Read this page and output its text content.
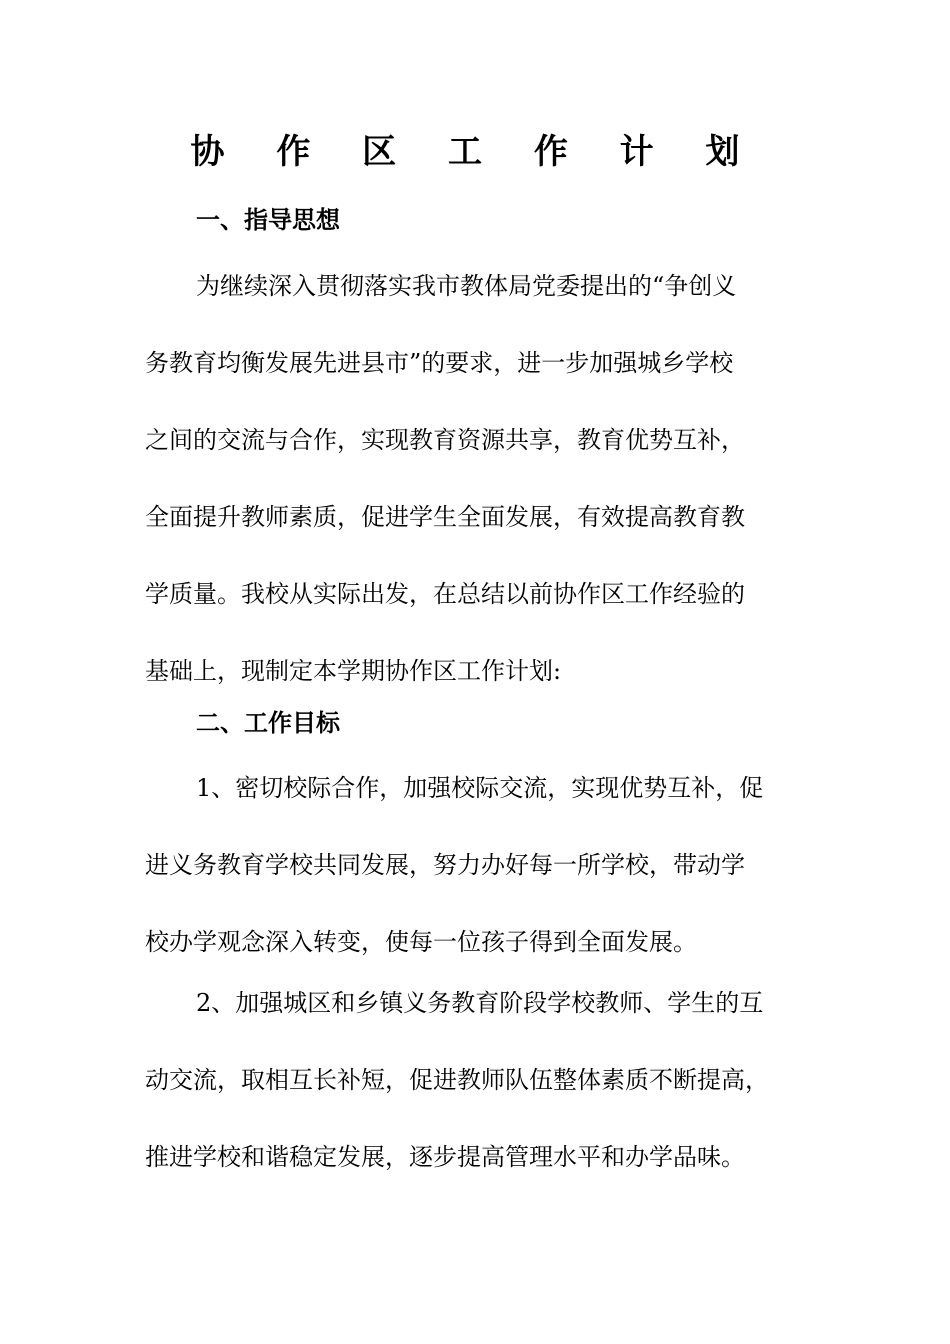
协 作 区 工 作 计 划
一、指导思想
为继续深入贯彻落实我市教体局党委提出的“争创义
务教育均衡发展先进县市”的要求，进一步加强城乡学校
之间的交流与合作，实现教育资源共享，教育优势互补，
全面提升教师素质，促进学生全面发展，有效提高教育教
学质量。我校从实际出发，在总结以前协作区工作经验的
基础上，现制定本学期协作区工作计划:
二、工作目标
1、密切校际合作，加强校际交流，实现优势互补，促
进义务教育学校共同发展，努力办好每一所学校，带动学
校办学观念深入转变，使每一位孩子得到全面发展。
2、加强城区和乡镇义务教育阶段学校教师、学生的互
动交流，取相互长补短，促进教师队伍整体素质不断提高，
推进学校和谐稳定发展，逐步提高管理水平和办学品味。
